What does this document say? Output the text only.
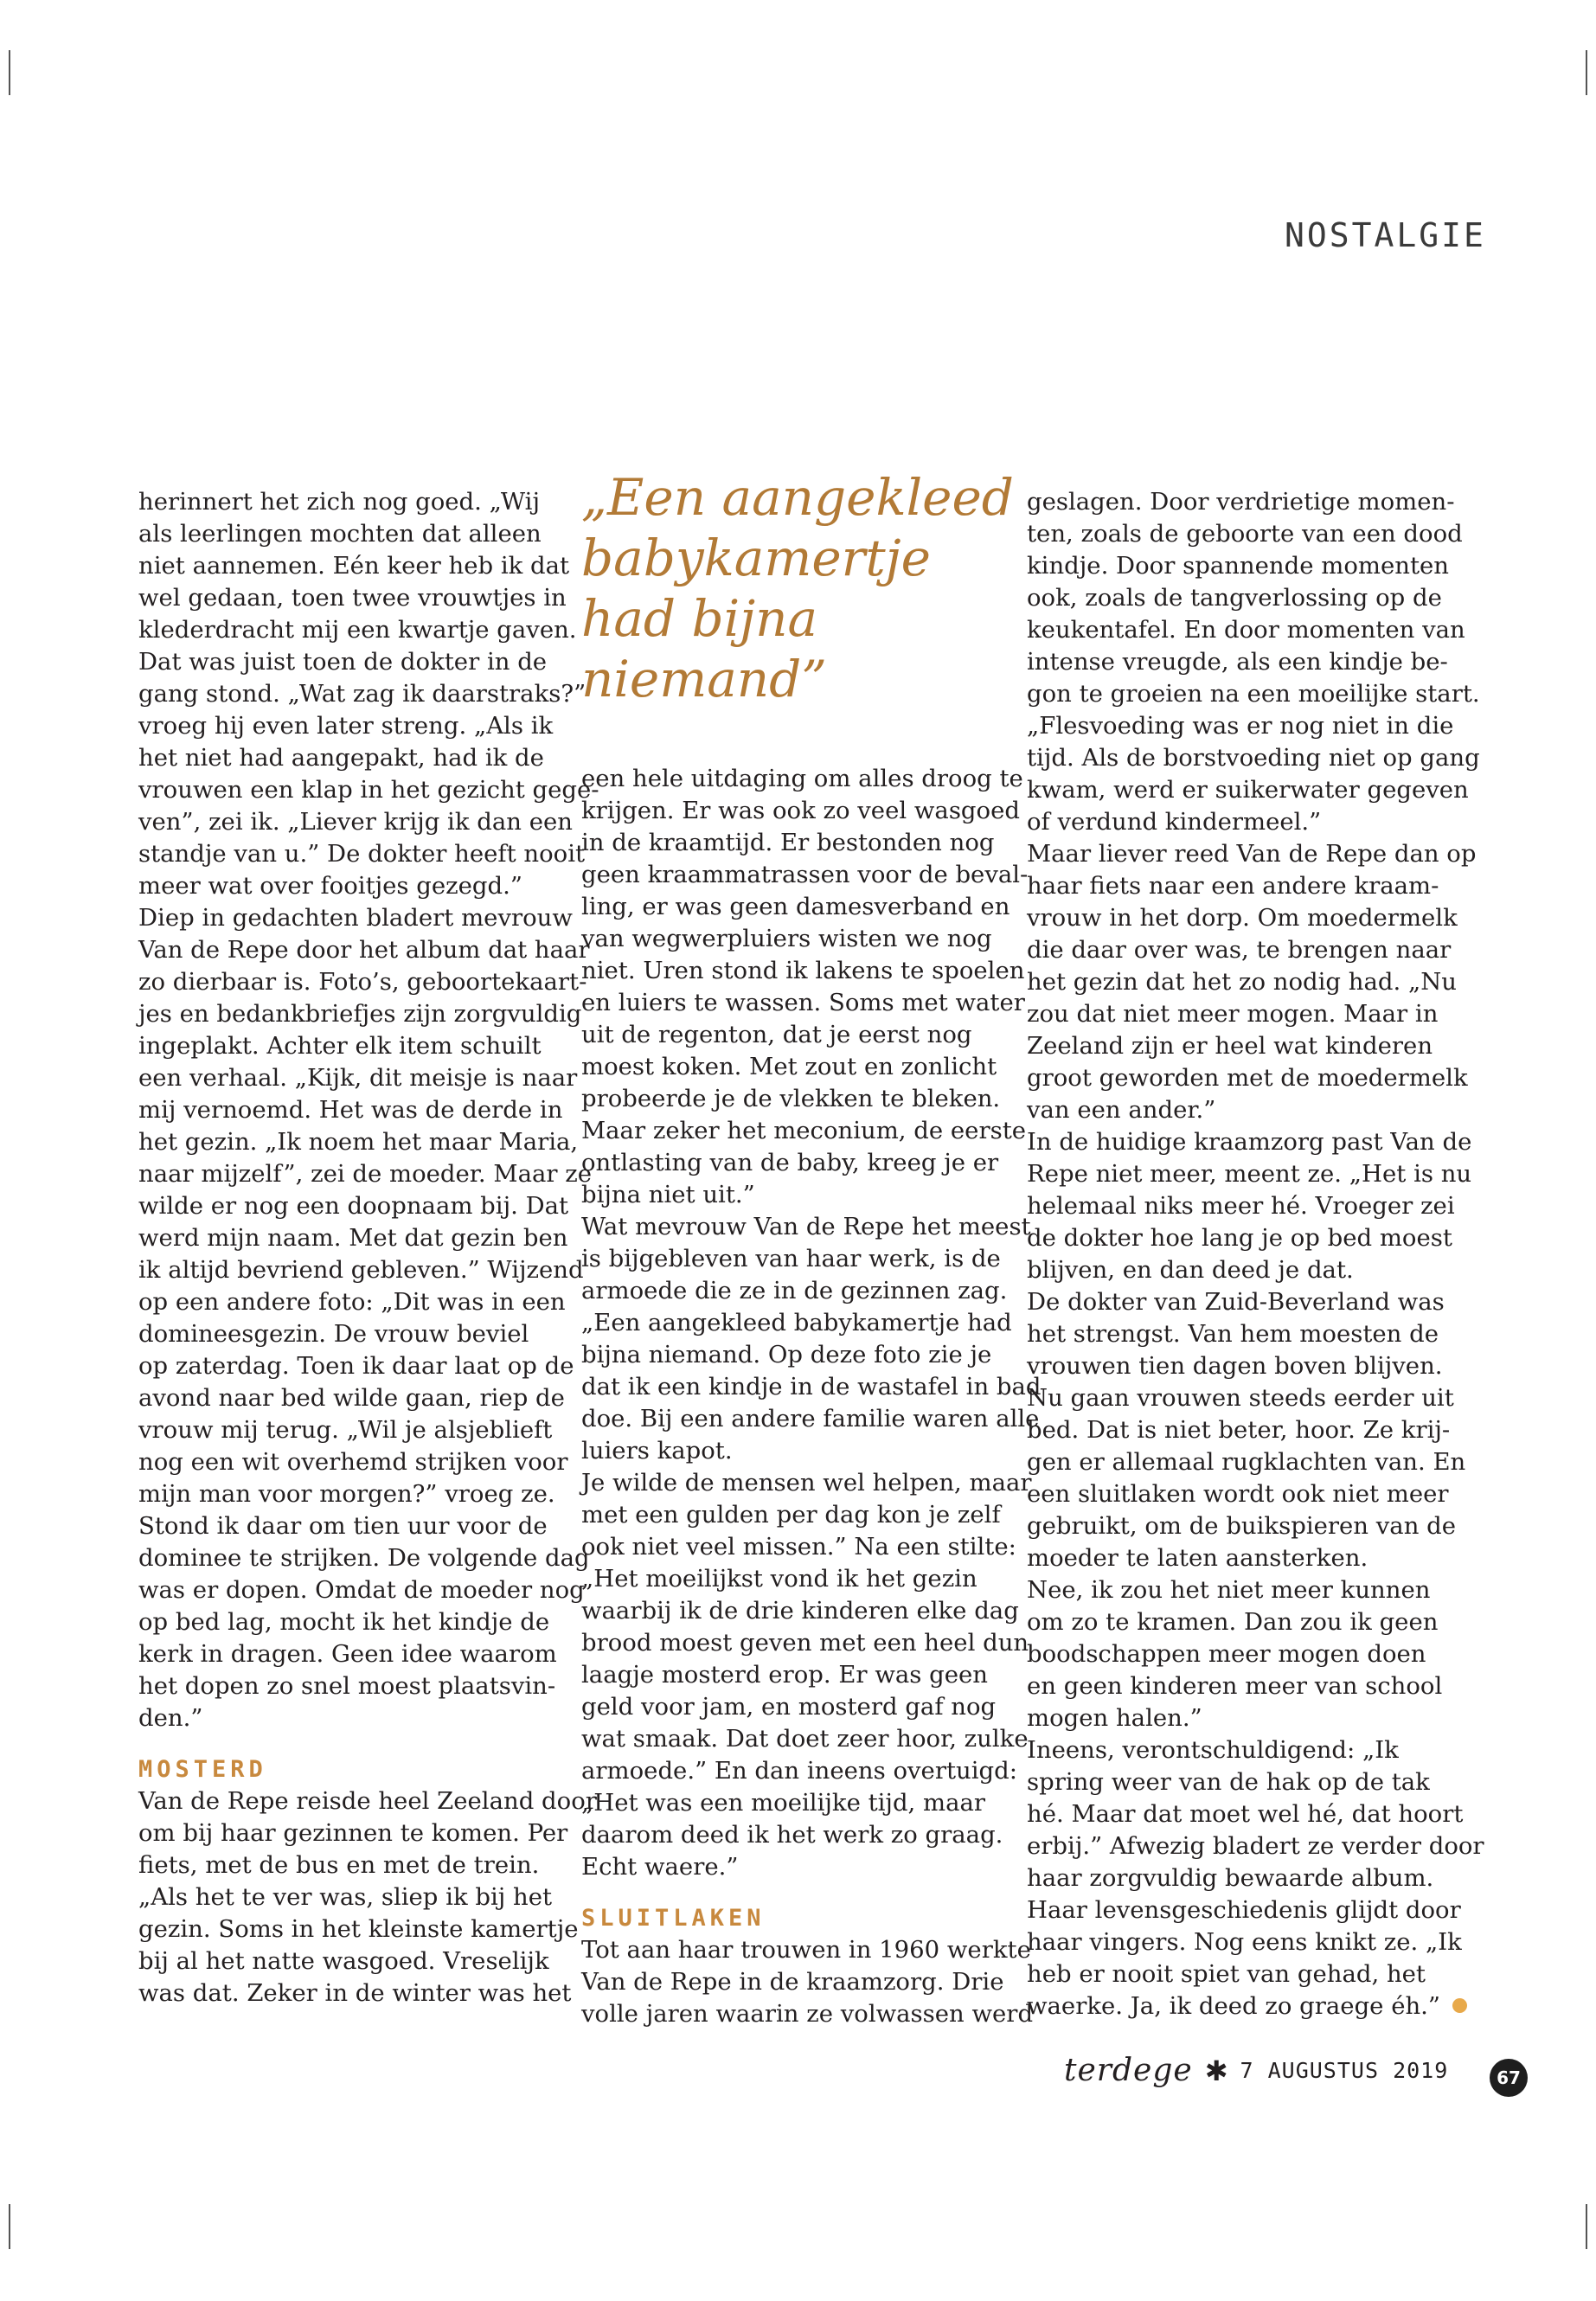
NOSTALGIE

herinnert het zich nog goed. „Wij

als leerlingen mochten dat alleen

niet aannemen. Eén keer heb ik dat

wel gedaan, toen twee vrouwtjes in

klederdracht mij een kwartje gaven.

Dat was juist toen de dokter in de

gang stond. „Wat zag ik daarstraks?”

vroeg hij even later streng. „Als ik

het niet had aangepakt, had ik de

vrouwen een klap in het gezicht gege-

ven”, zei ik. „Liever krijg ik dan een

standje van u.” De dokter heeft nooit

meer wat over fooitjes gezegd.”

Diep in gedachten bladert mevrouw

Van de Repe door het album dat haar

zo dierbaar is. Foto’s, geboortekaart-

jes en bedankbriefjes zijn zorgvuldig

ingeplakt. Achter elk item schuilt

een verhaal. „Kijk, dit meisje is naar

mij vernoemd. Het was de derde in

het gezin. „Ik noem het maar Maria,

naar mijzelf”, zei de moeder. Maar ze

wilde er nog een doopnaam bij. Dat

werd mijn naam. Met dat gezin ben

ik altijd bevriend gebleven.” Wijzend

op een andere foto: „Dit was in een

domineesgezin. De vrouw beviel

op zaterdag. Toen ik daar laat op de

avond naar bed wilde gaan, riep de

vrouw mij terug. „Wil je alsjeblieft

nog een wit overhemd strijken voor

mijn man voor morgen?” vroeg ze.

Stond ik daar om tien uur voor de

dominee te strijken. De volgende dag

was er dopen. Omdat de moeder nog

op bed lag, mocht ik het kindje de

kerk in dragen. Geen idee waarom

het dopen zo snel moest plaatsvin-

den.”

MOSTERD

Van de Repe reisde heel Zeeland door

om bij haar gezinnen te komen. Per

fiets, met de bus en met de trein.

„Als het te ver was, sliep ik bij het

gezin. Soms in het kleinste kamertje

bij al het natte wasgoed. Vreselijk

was dat. Zeker in de winter was het

„Een aangekleed
babykamertje
had bijna
niemand”

een hele uitdaging om alles droog te

krijgen. Er was ook zo veel wasgoed

in de kraamtijd. Er bestonden nog

geen kraammatrassen voor de beval-

ling, er was geen damesverband en

van wegwerpluiers wisten we nog

niet. Uren stond ik lakens te spoelen

en luiers te wassen. Soms met water

uit de regenton, dat je eerst nog

moest koken. Met zout en zonlicht

probeerde je de vlekken te bleken.

Maar zeker het meconium, de eerste

ontlasting van de baby, kreeg je er

bijna niet uit.”

Wat mevrouw Van de Repe het meest

is bijgebleven van haar werk, is de

armoede die ze in de gezinnen zag.

„Een aangekleed babykamertje had

bijna niemand. Op deze foto zie je

dat ik een kindje in de wastafel in bad

doe. Bij een andere familie waren alle

luiers kapot.

Je wilde de mensen wel helpen, maar

met een gulden per dag kon je zelf

ook niet veel missen.” Na een stilte:

„Het moeilijkst vond ik het gezin

waarbij ik de drie kinderen elke dag

brood moest geven met een heel dun

laagje mosterd erop. Er was geen

geld voor jam, en mosterd gaf nog

wat smaak. Dat doet zeer hoor, zulke

armoede.” En dan ineens overtuigd:

„Het was een moeilijke tijd, maar

daarom deed ik het werk zo graag.

Echt waere.”

SLUITLAKEN

Tot aan haar trouwen in 1960 werkte

Van de Repe in de kraamzorg. Drie

volle jaren waarin ze volwassen werd

geslagen. Door verdrietige momen-

ten, zoals de geboorte van een dood

kindje. Door spannende momenten

ook, zoals de tangverlossing op de

keukentafel. En door momenten van

intense vreugde, als een kindje be-

gon te groeien na een moeilijke start.

„Flesvoeding was er nog niet in die

tijd. Als de borstvoeding niet op gang

kwam, werd er suikerwater gegeven

of verdund kindermeel.”

Maar liever reed Van de Repe dan op

haar fiets naar een andere kraam-

vrouw in het dorp. Om moedermelk

die daar over was, te brengen naar

het gezin dat het zo nodig had. „Nu

zou dat niet meer mogen. Maar in

Zeeland zijn er heel wat kinderen

groot geworden met de moedermelk

van een ander.”

In de huidige kraamzorg past Van de

Repe niet meer, meent ze. „Het is nu

helemaal niks meer hé. Vroeger zei

de dokter hoe lang je op bed moest

blijven, en dan deed je dat.

De dokter van Zuid-Beverland was

het strengst. Van hem moesten de

vrouwen tien dagen boven blijven.

Nu gaan vrouwen steeds eerder uit

bed. Dat is niet beter, hoor. Ze krij-

gen er allemaal rugklachten van. En

een sluitlaken wordt ook niet meer

gebruikt, om de buikspieren van de

moeder te laten aansterken.

Nee, ik zou het niet meer kunnen

om zo te kramen. Dan zou ik geen

boodschappen meer mogen doen

en geen kinderen meer van school

mogen halen.”

Ineens, verontschuldigend: „Ik

spring weer van de hak op de tak

hé. Maar dat moet wel hé, dat hoort

erbij.” Afwezig bladert ze verder door

haar zorgvuldig bewaarde album.

Haar levensgeschiedenis glijdt door

haar vingers. Nog eens knikt ze. „Ik

heb er nooit spiet van gehad, het

waerke. Ja, ik deed zo graege éh.”

terdege ✱ 7 AUGUSTUS 2019	67
